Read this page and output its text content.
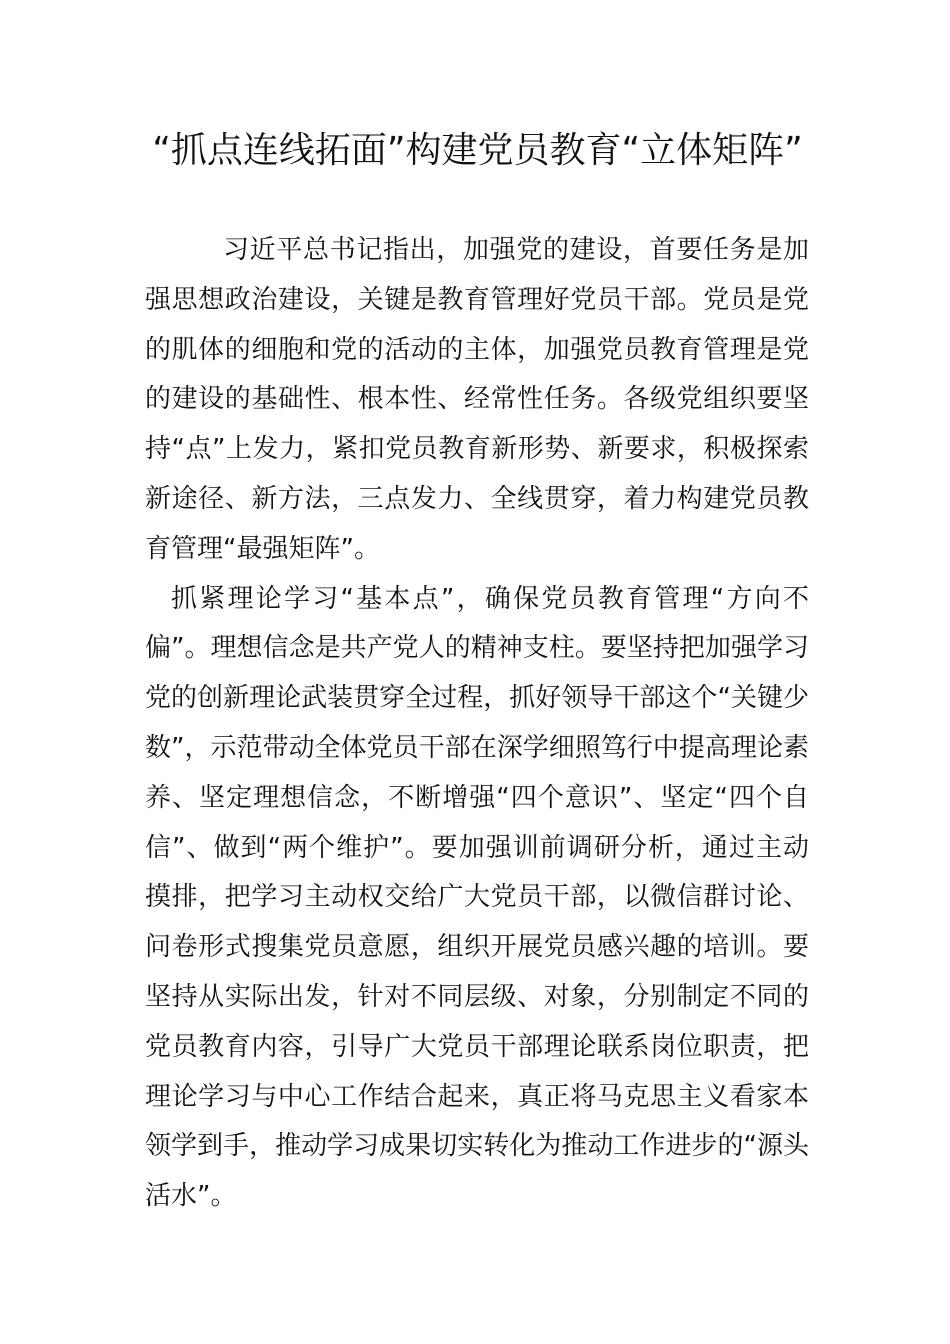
“抓点连线拓面”构建党员教育“立体矩阵”

习近平总书记指出，加强党的建设，首要任务是加强思想政治建设，关键是教育管理好党员干部。党员是党的肌体的细胞和党的活动的主体，加强党员教育管理是党的建设的基础性、根本性、经常性任务。各级党组织要坚持“点”上发力，紧扣党员教育新形势、新要求，积极探索新途径、新方法，三点发力、全线贯穿，着力构建党员教育管理“最强矩阵”。

抓紧理论学习“基本点”，确保党员教育管理“方向不偏”。理想信念是共产党人的精神支柱。要坚持把加强学习党的创新理论武装贯穿全过程，抓好领导干部这个“关键少数”，示范带动全体党员干部在深学细照笃行中提高理论素养、坚定理想信念，不断增强“四个意识”、坚定“四个自信”、做到“两个维护”。要加强训前调研分析，通过主动摸排，把学习主动权交给广大党员干部，以微信群讨论、问卷形式搜集党员意愿，组织开展党员感兴趣的培训。要坚持从实际出发，针对不同层级、对象，分别制定不同的党员教育内容，引导广大党员干部理论联系岗位职责，把理论学习与中心工作结合起来，真正将马克思主义看家本领学到手，推动学习成果切实转化为推动工作进步的“源头活水”。
